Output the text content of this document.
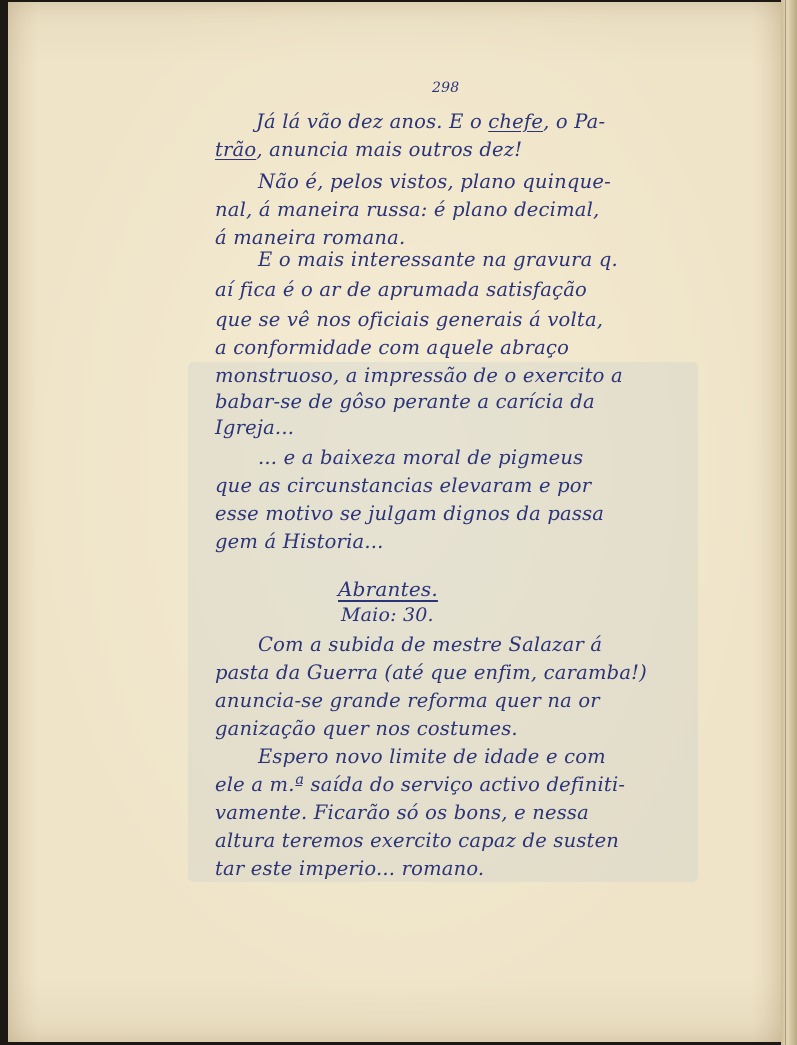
298
Já lá vão dez anos. E o chefe, o Pa-
trão, anuncia mais outros dez!
Não é, pelos vistos, plano quinque-
nal, á maneira russa: é plano decimal,
á maneira romana.
E o mais interessante na gravura q.
aí fica é o ar de aprumada satisfação
que se vê nos oficiais generais á volta,
a conformidade com aquele abraço
monstruoso, a impressão de o exercito a
babar-se de gôso perante a carícia da
Igreja...
... e a baixeza moral de pigmeus
que as circunstancias elevaram e por
esse motivo se julgam dignos da passa
gem á Historia...
Abrantes.
Maio: 30.
Com a subida de mestre Salazar á
pasta da Guerra (até que enfim, caramba!)
anuncia-se grande reforma quer na or
ganização quer nos costumes.
Espero novo limite de idade e com
ele a m.ª saída do serviço activo definiti-
vamente. Ficarão só os bons, e nessa
altura teremos exercito capaz de susten
tar este imperio... romano.
